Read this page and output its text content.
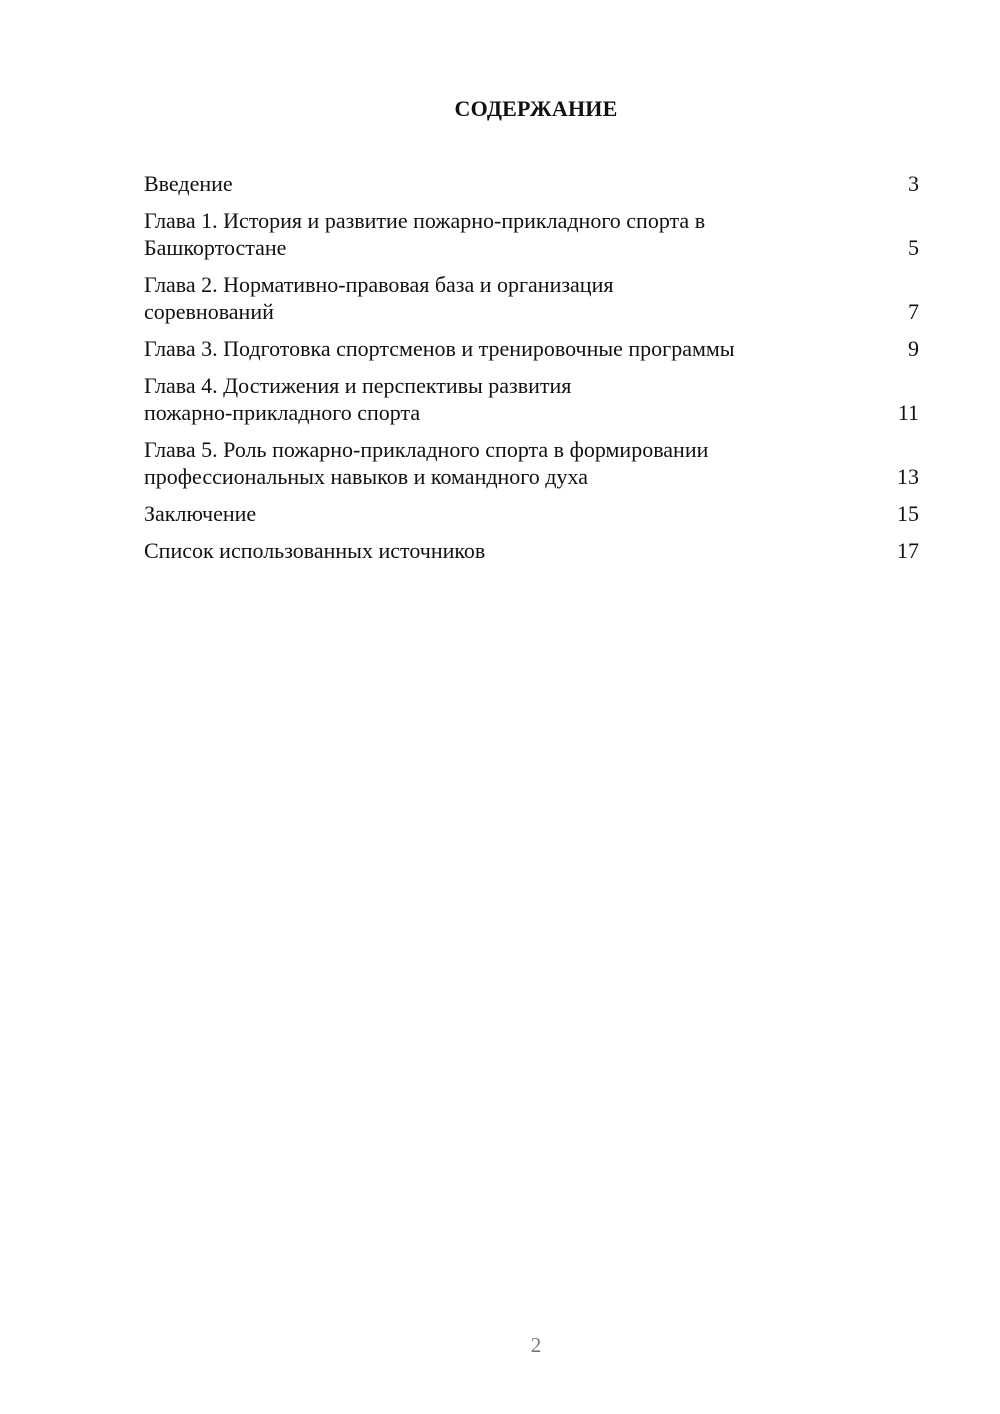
СОДЕРЖАНИЕ
Введение	3
Глава 1. История и развитие пожарно-прикладного спорта в Башкортостане	5
Глава 2. Нормативно-правовая база и организация соревнований	7
Глава 3. Подготовка спортсменов и тренировочные программы	9
Глава 4. Достижения и перспективы развития пожарно-прикладного спорта	11
Глава 5. Роль пожарно-прикладного спорта в формировании профессиональных навыков и командного духа	13
Заключение	15
Список использованных источников	17
2
